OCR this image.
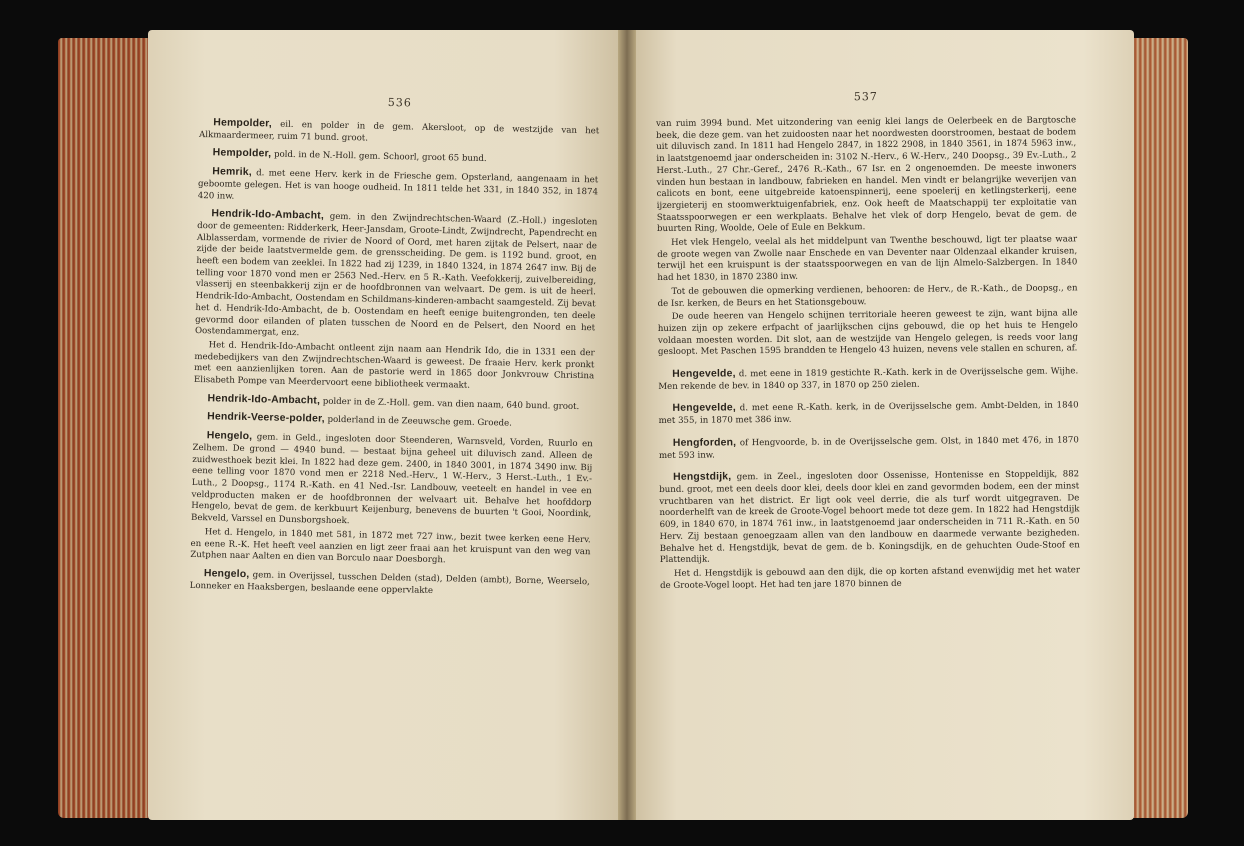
536

Hempolder, eil. en polder in de gem. Akersloot, op de westzijde van het Alkmaardermeer, ruim 71 bund. groot.

Hempolder, pold. in de N.-Holl. gem. Schoorl, groot 65 bund.

Hemrik, d. met eene Herv. kerk in de Friesche gem. Opsterland, aangenaam in het geboomte gelegen. Het is van hooge oudheid. In 1811 telde het 331, in 1840 352, in 1874 420 inw.

Hendrik-Ido-Ambacht, gem. in den Zwijndrechtschen-Waard (Z.-Holl.) ingesloten door de gemeenten: Ridderkerk, Heer-Jansdam, Groote-Lindt, Zwijndrecht, Papendrecht en Alblasserdam, vormende de rivier de Noord of Oord, met haren zijtak de Pelsert, naar de zijde der beide laatstvermelde gem. de grensscheiding. De gem. is 1192 bund. groot, en heeft een bodem van zeeklei. In 1822 had zij 1239, in 1840 1324, in 1874 2647 inw. Bij de telling voor 1870 vond men er 2563 Ned.-Herv. en 5 R.-Kath. Veefokkerij, zuivelbereiding, vlasserij en steenbakkerij zijn er de hoofdbronnen van welvaart. De gem. is uit de heerl. Hendrik-Ido-Ambacht, Oostendam en Schildmans-kinderen-ambacht saamgesteld. Zij bevat het d. Hendrik-Ido-Ambacht, de b. Oostendam en heeft eenige buitengronden, ten deele gevormd door eilanden of platen tusschen de Noord en de Pelsert, den Noord en het Oostendammergat, enz.

Het d. Hendrik-Ido-Ambacht ontleent zijn naam aan Hendrik Ido, die in 1331 een der medebedijkers van den Zwijndrechtschen-Waard is geweest. De fraaie Herv. kerk pronkt met een aanzienlijken toren. Aan de pastorie werd in 1865 door Jonkvrouw Christina Elisabeth Pompe van Meerdervoort eene bibliotheek vermaakt.

Hendrik-Ido-Ambacht, polder in de Z.-Holl. gem. van dien naam, 640 bund. groot.

Hendrik-Veerse-polder, polderland in de Zeeuwsche gem. Groede.

Hengelo, gem. in Geld., ingesloten door Steenderen, Warnsveld, Vorden, Ruurlo en Zelhem. De grond — 4940 bund. — bestaat bijna geheel uit diluvisch zand. Alleen de zuidwesthoek bezit klei. In 1822 had deze gem. 2400, in 1840 3001, in 1874 3490 inw. Bij eene telling voor 1870 vond men er 2218 Ned.-Herv., 1 W.-Herv., 3 Herst.-Luth., 1 Ev.-Luth., 2 Doopsg., 1174 R.-Kath. en 41 Ned.-Isr. Landbouw, veeteelt en handel in vee en veldproducten maken er de hoofdbronnen der welvaart uit. Behalve het hoofddorp Hengelo, bevat de gem. de kerkbuurt Keijenburg, benevens de buurten 't Gooi, Noordink, Bekveld, Varssel en Dunsborgshoek.

Het d. Hengelo, in 1840 met 581, in 1872 met 727 inw., bezit twee kerken eene Herv. en eene R.-K. Het heeft veel aanzien en ligt zeer fraai aan het kruispunt van den weg van Zutphen naar Aalten en dien van Borculo naar Doesborgh.

Hengelo, gem. in Overijssel, tusschen Delden (stad), Delden (ambt), Borne, Weerselo, Lonneker en Haaksbergen, beslaande eene oppervlakte

537

van ruim 3994 bund. Met uitzondering van eenig klei langs de Oelerbeek en de Bargtosche beek, die deze gem. van het zuidoosten naar het noordwesten doorstroomen, bestaat de bodem uit diluvisch zand. In 1811 had Hengelo 2847, in 1822 2908, in 1840 3561, in 1874 5963 inw., in laatstgenoemd jaar onderscheiden in: 3102 N.-Herv., 6 W.-Herv., 240 Doopsg., 39 Ev.-Luth., 2 Herst.-Luth., 27 Chr.-Geref., 2476 R.-Kath., 67 Isr. en 2 ongenoemden. De meeste inwoners vinden hun bestaan in landbouw, fabrieken en handel. Men vindt er belangrijke weverijen van calicots en bont, eene uitgebreide katoenspinnerij, eene spoelerij en ketlingsterkerij, eene ijzergieterij en stoomwerktuigenfabriek, enz. Ook heeft de Maatschappij ter exploitatie van Staatsspoorwegen er een werkplaats. Behalve het vlek of dorp Hengelo, bevat de gem. de buurten Ring, Woolde, Oele of Eule en Bekkum.

Het vlek Hengelo, veelal als het middelpunt van Twenthe beschouwd, ligt ter plaatse waar de groote wegen van Zwolle naar Enschede en van Deventer naar Oldenzaal elkander kruisen, terwijl het een kruispunt is der staatsspoorwegen en van de lijn Almelo-Salzbergen. In 1840 had het 1830, in 1870 2380 inw.

Tot de gebouwen die opmerking verdienen, behooren: de Herv., de R.-Kath., de Doopsg., en de Isr. kerken, de Beurs en het Stationsgebouw.

De oude heeren van Hengelo schijnen territoriale heeren geweest te zijn, want bijna alle huizen zijn op zekere erfpacht of jaarlijkschen cijns gebouwd, die op het huis te Hengelo voldaan moesten worden. Dit slot, aan de westzijde van Hengelo gelegen, is reeds voor lang gesloopt. Met Paschen 1595 brandden te Hengelo 43 huizen, nevens vele stallen en schuren, af.

Hengevelde, d. met eene in 1819 gestichte R.-Kath. kerk in de Overijsselsche gem. Wijhe. Men rekende de bev. in 1840 op 337, in 1870 op 250 zielen.

Hengevelde, d. met eene R.-Kath. kerk, in de Overijsselsche gem. Ambt-Delden, in 1840 met 355, in 1870 met 386 inw.

Hengforden, of Hengvoorde, b. in de Overijsselsche gem. Olst, in 1840 met 476, in 1870 met 593 inw.

Hengstdijk, gem. in Zeel., ingesloten door Ossenisse, Hontenisse en Stoppeldijk, 882 bund. groot, met een deels door klei, deels door klei en zand gevormden bodem, een der minst vruchtbaren van het district. Er ligt ook veel derrie, die als turf wordt uitgegraven. De noorderhelft van de kreek de Groote-Vogel behoort mede tot deze gem. In 1822 had Hengstdijk 609, in 1840 670, in 1874 761 inw., in laatstgenoemd jaar onderscheiden in 711 R.-Kath. en 50 Herv. Zij bestaan genoegzaam allen van den landbouw en daarmede verwante bezigheden. Behalve het d. Hengstdijk, bevat de gem. de b. Koningsdijk, en de gehuchten Oude-Stoof en Plattendijk.

Het d. Hengstdijk is gebouwd aan den dijk, die op korten afstand evenwijdig met het water de Groote-Vogel loopt. Het had ten jare 1870 binnen de
